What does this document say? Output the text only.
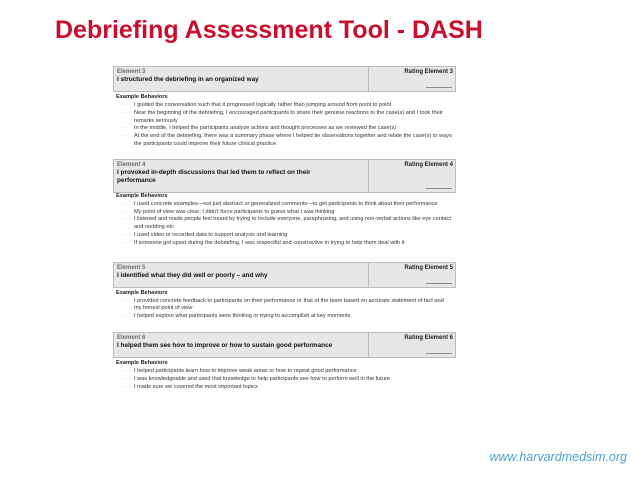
Debriefing Assessment Tool - DASH
Element 3
I structured the debriefing in an organized way
Rating Element 3
Example Behaviors
· I guided the conversation such that it progressed logically rather than jumping around from point to point
· Near the beginning of the debriefing, I encouraged participants to share their genuine reactions to the case(s) and I took their remarks seriously
· In the middle, I helped the participants analyze actions and thought processes as we reviewed the case(s)
· At the end of the debriefing, there was a summary phase where I helped tie observations together and relate the case(s) to ways the participants could improve their future clinical practice
Element 4
I provoked in-depth discussions that led them to reflect on their performance
Rating Element 4
Example Behaviors
· I used concrete examples—not just abstract or generalized comments—to get participants to think about their performance
· My point of view was clear; I didn't force participants to guess what I was thinking
· I listened and made people feel heard by trying to include everyone, paraphrasing, and using non-verbal actions like eye contact and nodding etc
· I used video or recorded data to support analysis and learning
· If someone got upset during the debriefing, I was respectful and constructive in trying to help them deal with it
Element 5
I identified what they did well or poorly – and why
Rating Element 5
Example Behaviors
· I provided concrete feedback to participants on their performance or that of the team based on accurate statement of fact and my honest point of view
· I helped explore what participants were thinking or trying to accomplish at key moments
Element 6
I helped them see how to improve or how to sustain good performance
Rating Element 6
Example Behaviors
· I helped participants learn how to improve weak areas or how to repeat good performance
· I was knowledgeable and used that knowledge to help participants see how to perform well in the future
· I made sure we covered the most important topics
www.harvardmedsim.org
